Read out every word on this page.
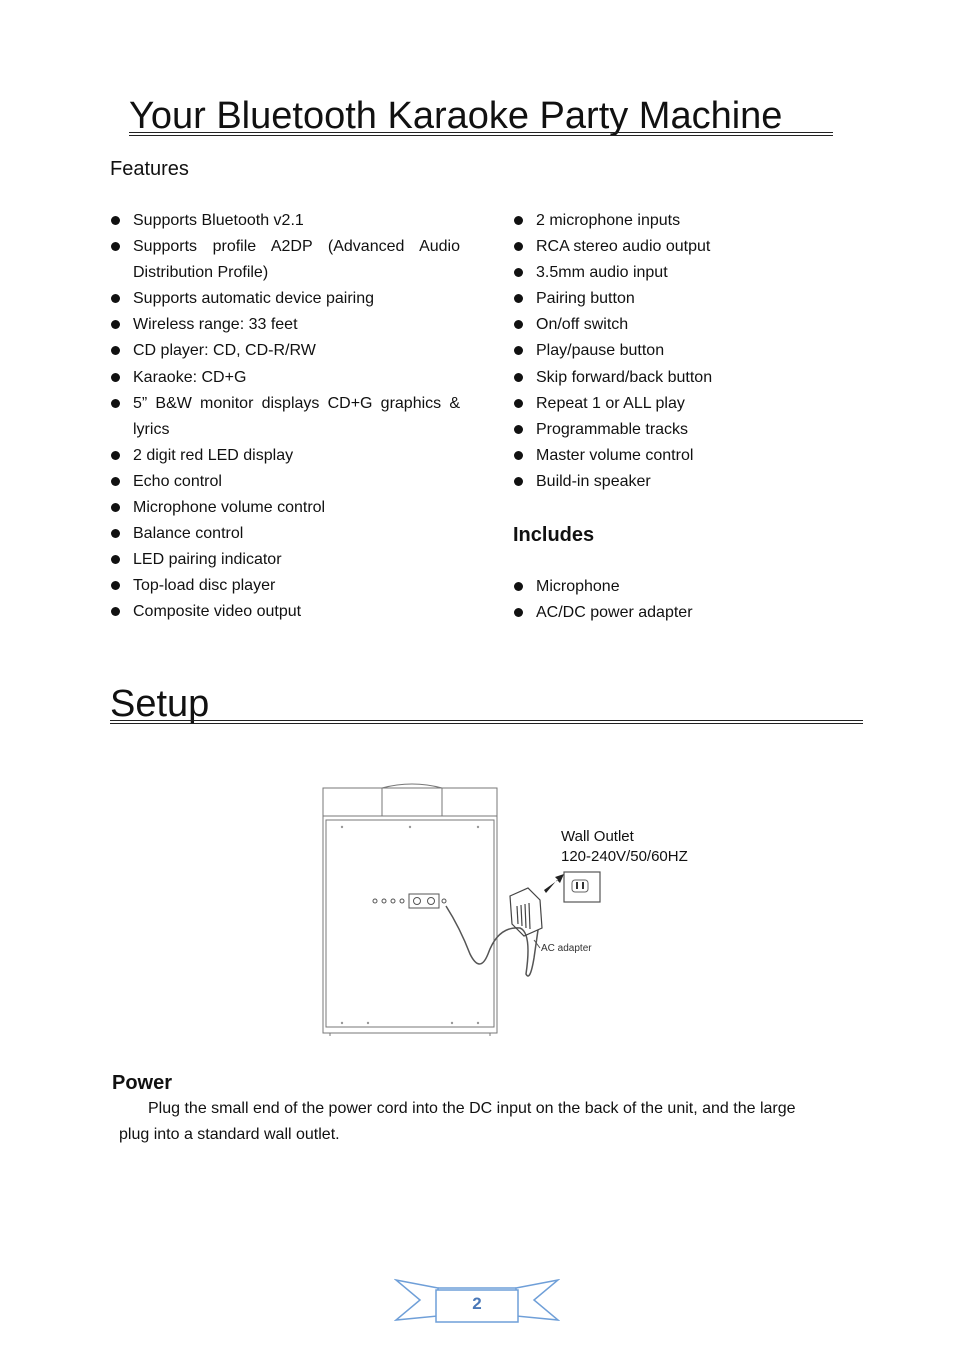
Your Bluetooth Karaoke Party Machine
Features
Supports Bluetooth v2.1
Supports profile A2DP (Advanced Audio
Distribution Profile)
Supports automatic device pairing
Wireless range: 33 feet
CD player: CD, CD-R/RW
Karaoke: CD+G
5” B&W monitor displays CD+G graphics &
lyrics
2 digit red LED display
Echo control
Microphone volume control
Balance control
LED pairing indicator
Top-load disc player
Composite video output
2 microphone inputs
RCA stereo audio output
3.5mm audio input
Pairing button
On/off switch
Play/pause button
Skip forward/back button
Repeat 1 or ALL play
Programmable tracks
Master volume control
Build-in speaker
Includes
Microphone
AC/DC power adapter
Setup
Wall Outlet
120-240V/50/60HZ
AC adapter
Power
Plug the small end of the power cord into the DC input on the back of the unit, and the large
plug into a standard wall outlet.
2
